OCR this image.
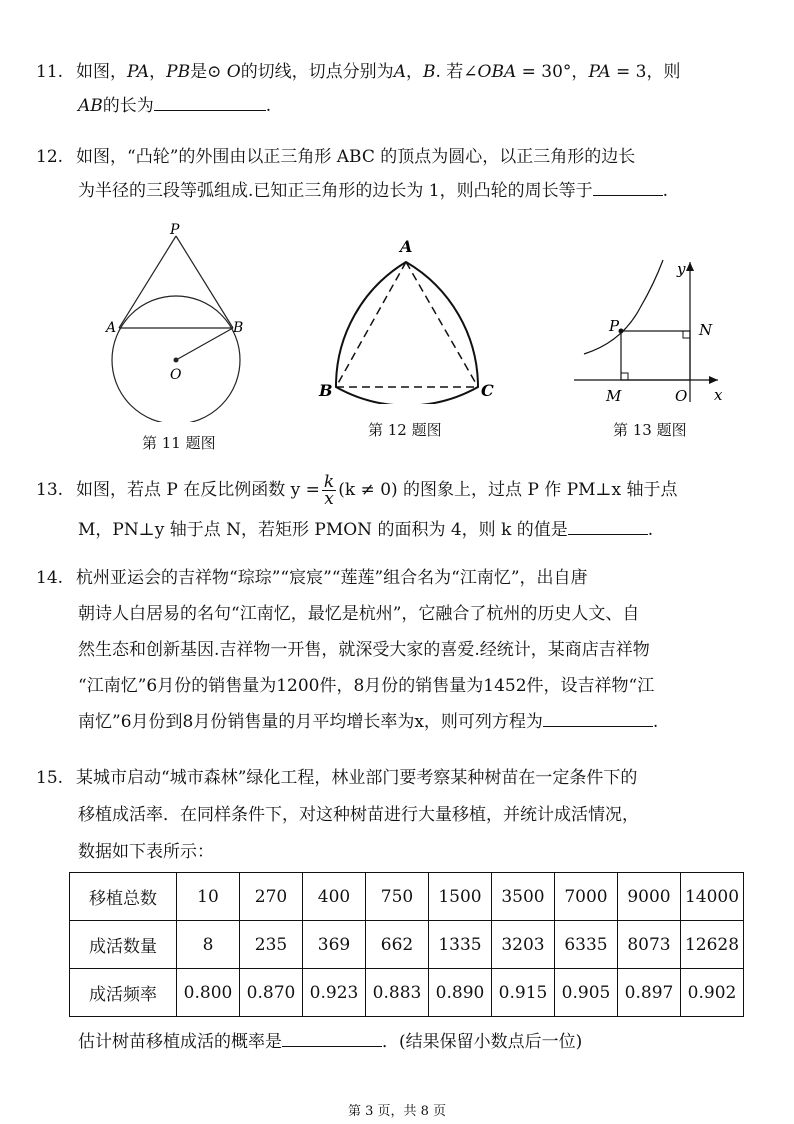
11. 如图，PA，PB是⊙ O的切线，切点分别为A，B. 若∠OBA = 30°，PA = 3，则
AB的长为	.
12. 如图，“凸轮”的外围由以正三角形 ABC 的顶点为圆心，以正三角形的边长
为半径的三段等弧组成.已知正三角形的边长为 1，则凸轮的周长等于	.
P
A	B
O
第 11 题图
A
B	C
第 12 题图
y
x
P	N
M	O
第 13 题图
13. 如图，若点 P 在反比例函数 $y = \frac{k}{x} (k \ne 0)$ 的图象上，过点 P 作 PM⊥x 轴于点
M，PN⊥y 轴于点 N，若矩形 PMON 的面积为 4，则 k 的值是	.
14. 杭州亚运会的吉祥物“琮琮”“宸宸”“莲莲”组合名为“江南忆”，出自唐
朝诗人白居易的名句“江南忆，最忆是杭州”，它融合了杭州的历史人文、自
然生态和创新基因.吉祥物一开售，就深受大家的喜爱.经统计，某商店吉祥物
“江南忆”6月份的销售量为1200件，8月份的销售量为1452件，设吉祥物“江
南忆”6月份到8月份销售量的月平均增长率为x，则可列方程为	.
15. 某城市启动“城市森林”绿化工程，林业部门要考察某种树苗在一定条件下的
移植成活率．在同样条件下，对这种树苗进行大量移植，并统计成活情况，
数据如下表所示：
移植总数	10	270	400	750	1500	3500	7000	9000	14000
成活数量	8	235	369	662	1335	3203	6335	8073	12628
成活频率	0.800	0.870	0.923	0.883	0.890	0.915	0.905	0.897	0.902
估计树苗移植成活的概率是	．(结果保留小数点后一位)
第 3 页，共 8 页
